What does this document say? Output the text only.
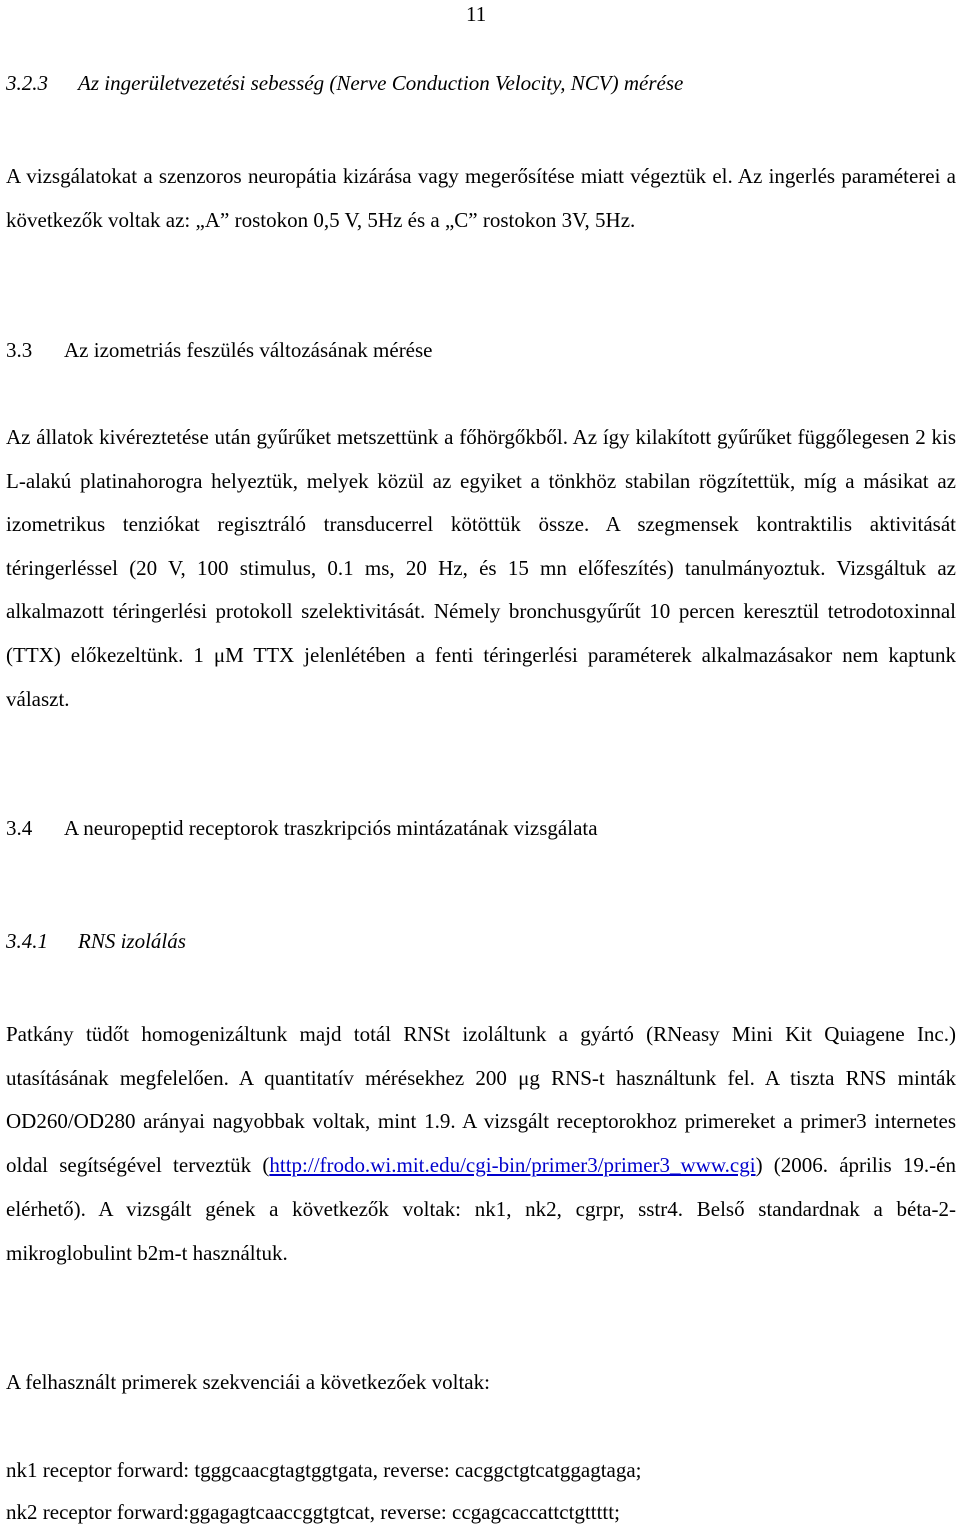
11
3.2.3 Az ingerületvezetési sebesség (Nerve Conduction Velocity, NCV) mérése
A vizsgálatokat a szenzoros neuropátia kizárása vagy megerősítése miatt végeztük el. Az ingerlés paraméterei a következők voltak az: „A” rostokon 0,5 V, 5Hz és a „C” rostokon 3V, 5Hz.
3.3 Az izometriás feszülés változásának mérése
Az állatok kivéreztetése után gyűrűket metszettünk a főhörgőkből. Az így kilakított gyűrűket függőlegesen 2 kis L-alakú platinahorogra helyeztük, melyek közül az egyiket a tönkhöz stabilan rögzítettük, míg a másikat az izometrikus tenziókat regisztráló transducerrel kötöttük össze. A szegmensek kontraktilis aktivitását téringerléssel (20 V, 100 stimulus, 0.1 ms, 20 Hz, és 15 mn előfeszítés) tanulmányoztuk. Vizsgáltuk az alkalmazott téringerlési protokoll szelektivitását. Némely bronchusgyűrűt 10 percen keresztül tetrodotoxinnal (TTX) előkezeltünk. 1 μM TTX jelenlétében a fenti téringerlési paraméterek alkalmazásakor nem kaptunk választ.
3.4 A neuropeptid receptorok traszkripciós mintázatának vizsgálata
3.4.1 RNS izolálás
Patkány tüdőt homogenizáltunk majd totál RNSt izoláltunk a gyártó (RNeasy Mini Kit Quiagene Inc.) utasításának megfelelően. A quantitatív mérésekhez 200 μg RNS-t használtunk fel. A tiszta RNS minták OD260/OD280 arányai nagyobbak voltak, mint 1.9. A vizsgált receptorokhoz primereket a primer3 internetes oldal segítségével terveztük (http://frodo.wi.mit.edu/cgi-bin/primer3/primer3_www.cgi) (2006. április 19.-én elérhető). A vizsgált gének a következők voltak: nk1, nk2, cgrpr, sstr4. Belső standardnak a béta-2-mikroglobulint b2m-t használtuk.
A felhasznált primerek szekvenciái a következőek voltak:
nk1 receptor forward: tgggcaacgtagtggtgata, reverse: cacggctgtcatggagtaga;
nk2 receptor forward:ggagagtcaaccggtgtcat, reverse: ccgagcaccattctgttttt;
